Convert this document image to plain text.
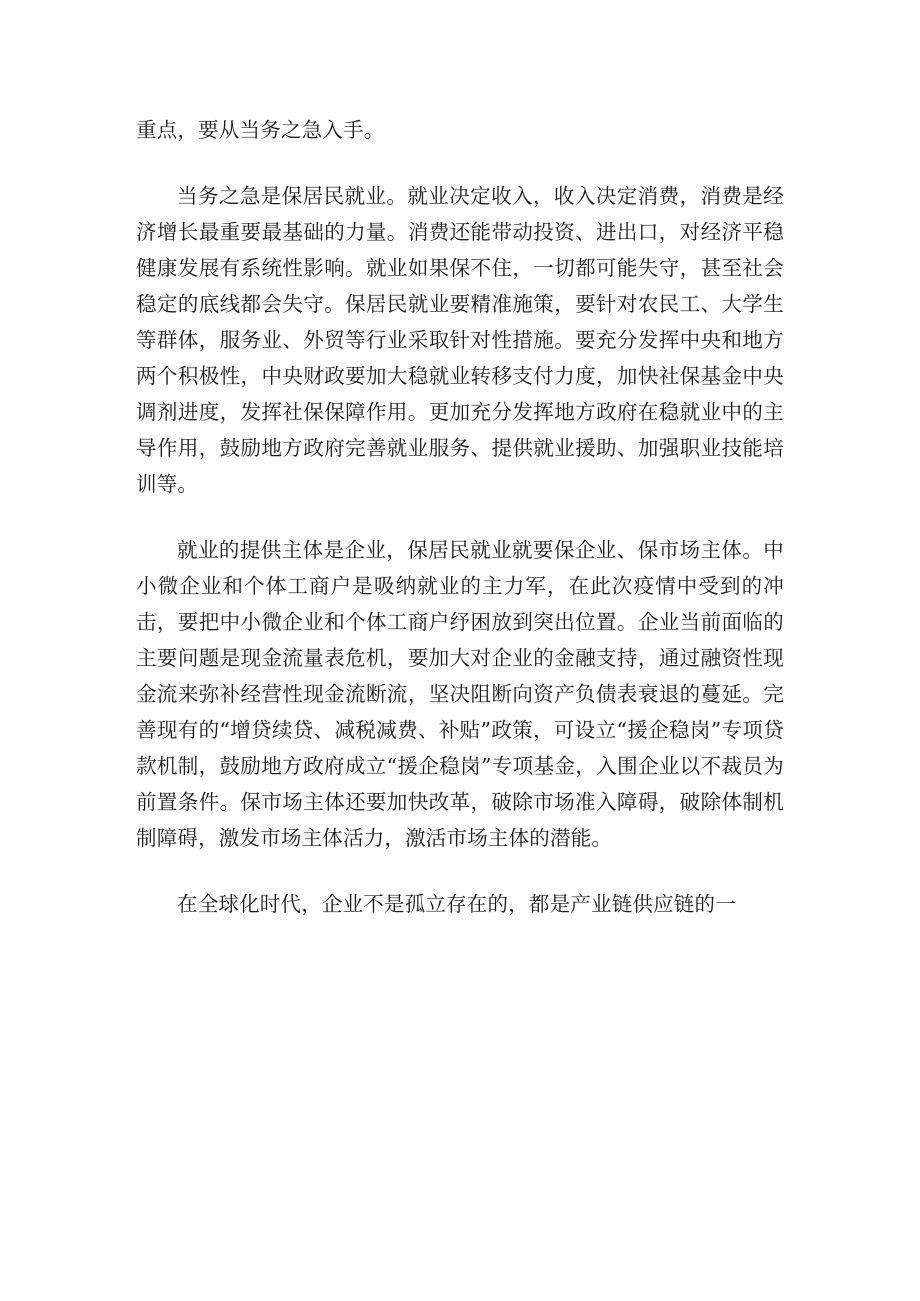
重点，要从当务之急入手。

当务之急是保居民就业。就业决定收入，收入决定消费，消费是经济增长最重要最基础的力量。消费还能带动投资、进出口，对经济平稳健康发展有系统性影响。就业如果保不住，一切都可能失守，甚至社会稳定的底线都会失守。保居民就业要精准施策，要针对农民工、大学生等群体，服务业、外贸等行业采取针对性措施。要充分发挥中央和地方两个积极性，中央财政要加大稳就业转移支付力度，加快社保基金中央调剂进度，发挥社保保障作用。更加充分发挥地方政府在稳就业中的主导作用，鼓励地方政府完善就业服务、提供就业援助、加强职业技能培训等。

就业的提供主体是企业，保居民就业就要保企业、保市场主体。中小微企业和个体工商户是吸纳就业的主力军，在此次疫情中受到的冲击，要把中小微企业和个体工商户纾困放到突出位置。企业当前面临的主要问题是现金流量表危机，要加大对企业的金融支持，通过融资性现金流来弥补经营性现金流断流，坚决阻断向资产负债表衰退的蔓延。完善现有的“增贷续贷、减税减费、补贴”政策，可设立“援企稳岗”专项贷款机制，鼓励地方政府成立“援企稳岗”专项基金，入围企业以不裁员为前置条件。保市场主体还要加快改革，破除市场准入障碍，破除体制机制障碍，激发市场主体活力，激活市场主体的潜能。

在全球化时代，企业不是孤立存在的，都是产业链供应链的一
